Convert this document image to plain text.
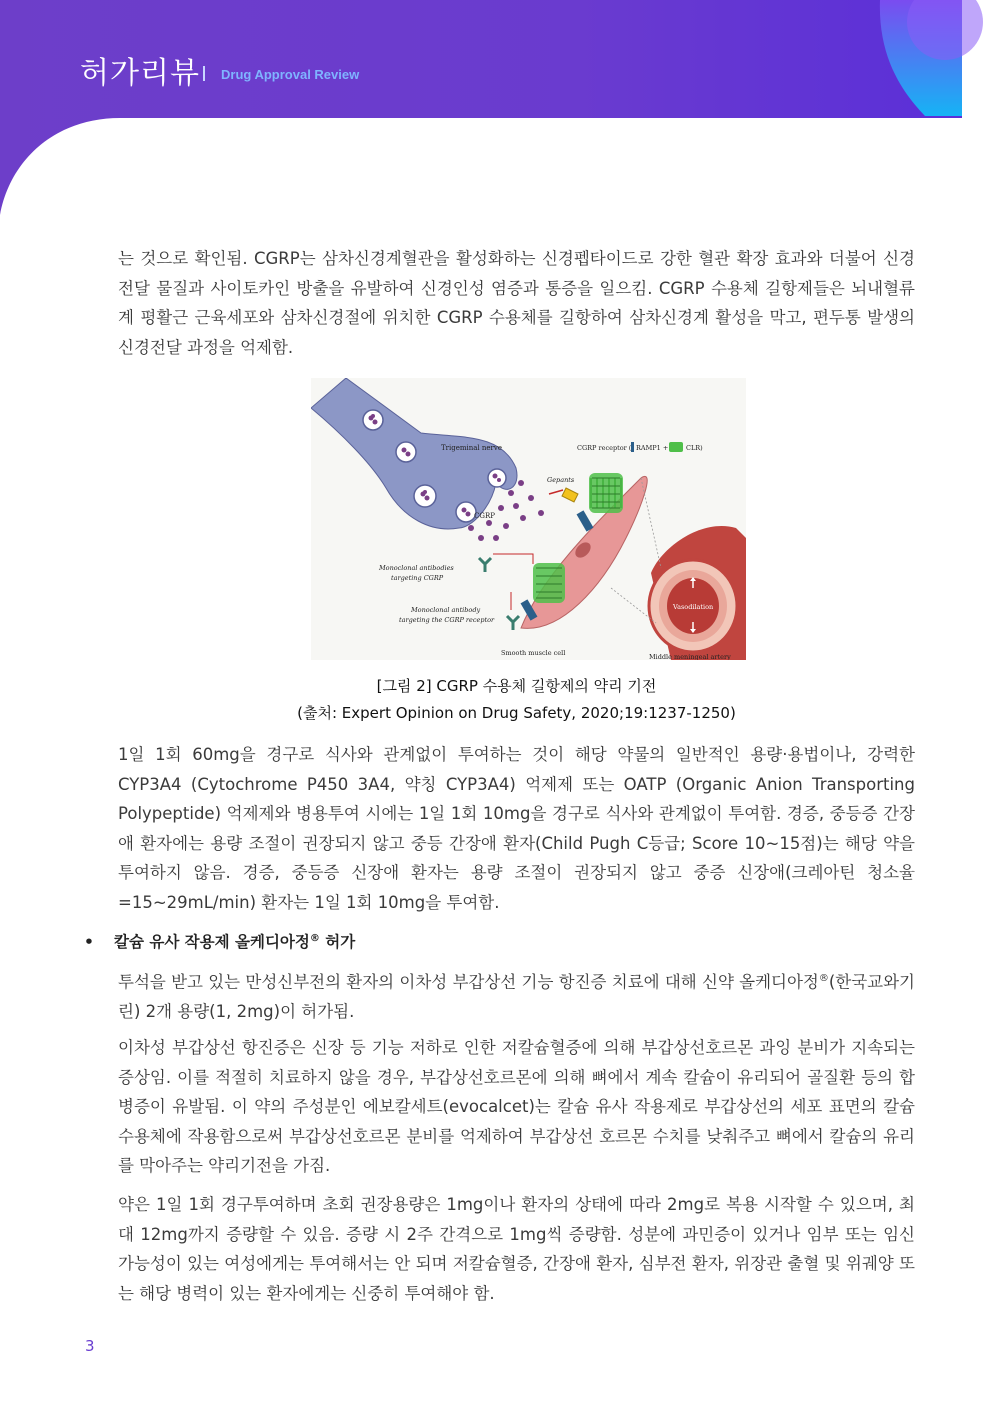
허가리뷰 Drug Approval Review
는 것으로 확인됨. CGRP는 삼차신경계혈관을 활성화하는 신경펩타이드로 강한 혈관 확장 효과와 더불어 신경전달 물질과 사이토카인 방출을 유발하여 신경인성 염증과 통증을 일으킴. CGRP 수용체 길항제들은 뇌내혈류계 평활근 근육세포와 삼차신경절에 위치한 CGRP 수용체를 길항하여 삼차신경계 활성을 막고, 편두통 발생의 신경전달 과정을 억제함.
Trigeminal nerve
CGRP
Monoclonal antibodies
targeting CGRP
Monoclonal antibody
targeting the CGRP receptor
Gepants
CGRP receptor ( RAMP1 +	CLR)
Vasodilation
Smooth muscle cell	Middle meningeal artery
[그림 2] CGRP 수용체 길항제의 약리 기전
(출처: Expert Opinion on Drug Safety, 2020;19:1237-1250)
1일 1회 60mg을 경구로 식사와 관계없이 투여하는 것이 해당 약물의 일반적인 용량·용법이나, 강력한 CYP3A4 (Cytochrome P450 3A4, 약칭 CYP3A4) 억제제 또는 OATP (Organic Anion Transporting Polypeptide) 억제제와 병용투여 시에는 1일 1회 10mg을 경구로 식사와 관계없이 투여함. 경증, 중등증 간장애 환자에는 용량 조절이 권장되지 않고 중등 간장애 환자(Child Pugh C등급; Score 10~15점)는 해당 약을 투여하지 않음. 경증, 중등증 신장애 환자는 용량 조절이 권장되지 않고 중증 신장애(크레아틴 청소율=15~29mL/min) 환자는 1일 1회 10mg을 투여함.
• 칼슘 유사 작용제 올케디아정® 허가
투석을 받고 있는 만성신부전의 환자의 이차성 부갑상선 기능 항진증 치료에 대해 신약 올케디아정®(한국교와기린) 2개 용량(1, 2mg)이 허가됨.
이차성 부갑상선 항진증은 신장 등 기능 저하로 인한 저칼슘혈증에 의해 부갑상선호르몬 과잉 분비가 지속되는 증상임. 이를 적절히 치료하지 않을 경우, 부갑상선호르몬에 의해 뼈에서 계속 칼슘이 유리되어 골질환 등의 합병증이 유발됨. 이 약의 주성분인 에보칼세트(evocalcet)는 칼슘 유사 작용제로 부갑상선의 세포 표면의 칼슘 수용체에 작용함으로써 부갑상선호르몬 분비를 억제하여 부갑상선 호르몬 수치를 낮춰주고 뼈에서 칼슘의 유리를 막아주는 약리기전을 가짐.
약은 1일 1회 경구투여하며 초회 권장용량은 1mg이나 환자의 상태에 따라 2mg로 복용 시작할 수 있으며, 최대 12mg까지 증량할 수 있음. 증량 시 2주 간격으로 1mg씩 증량함. 성분에 과민증이 있거나 임부 또는 임신 가능성이 있는 여성에게는 투여해서는 안 되며 저칼슘혈증, 간장애 환자, 심부전 환자, 위장관 출혈 및 위궤양 또는 해당 병력이 있는 환자에게는 신중히 투여해야 함.
3
